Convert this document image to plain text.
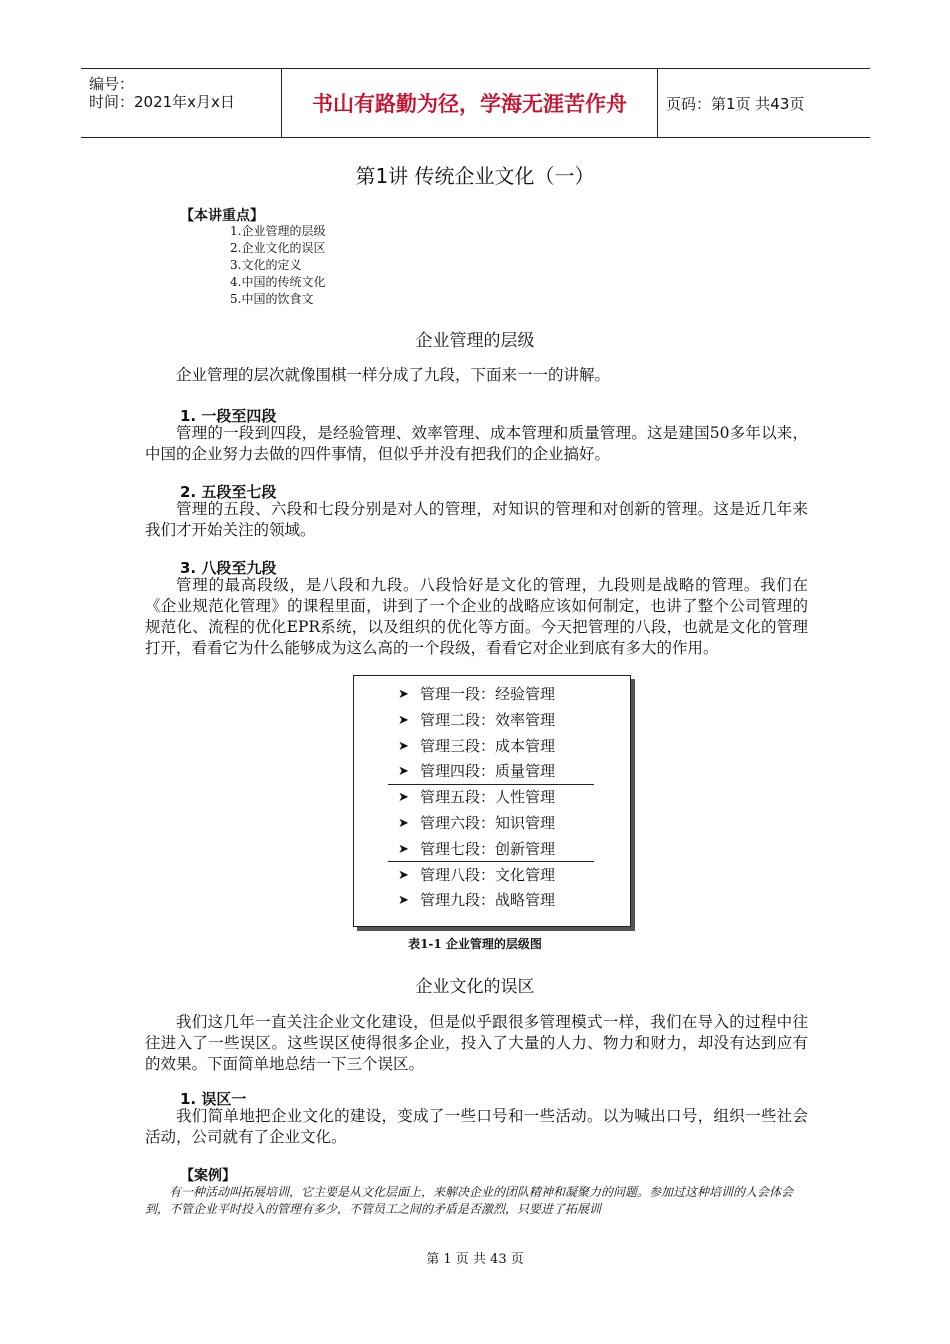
编号：
时间：2021年x月x日	书山有路勤为径，学海无涯苦作舟	页码：第1页 共43页
第1讲 传统企业文化（一）
【本讲重点】
1.企业管理的层级
2.企业文化的误区
3.文化的定义
4.中国的传统文化
5.中国的饮食文
企业管理的层级

企业管理的层次就像围棋一样分成了九段，下面来一一的讲解。

1. 一段至四段

管理的一段到四段，是经验管理、效率管理、成本管理和质量管理。这是建国50多年以来，中国的企业努力去做的四件事情，但似乎并没有把我们的企业搞好。

2. 五段至七段

管理的五段、六段和七段分别是对人的管理，对知识的管理和对创新的管理。这是近几年来我们才开始关注的领域。

3. 八段至九段

管理的最高段级，是八段和九段。八段恰好是文化的管理，九段则是战略的管理。我们在《企业规范化管理》的课程里面，讲到了一个企业的战略应该如何制定，也讲了整个公司管理的规范化、流程的优化EPR系统，以及组织的优化等方面。今天把管理的八段，也就是文化的管理打开，看看它为什么能够成为这么高的一个段级，看看它对企业到底有多大的作用。

➤ 管理一段：经验管理
➤ 管理二段：效率管理
➤ 管理三段：成本管理
➤ 管理四段：质量管理
➤ 管理五段：人性管理
➤ 管理六段：知识管理
➤ 管理七段：创新管理
➤ 管理八段：文化管理
➤ 管理九段：战略管理
表1-1 企业管理的层级图
企业文化的误区

我们这几年一直关注企业文化建设，但是似乎跟很多管理模式一样，我们在导入的过程中往往进入了一些误区。这些误区使得很多企业，投入了大量的人力、物力和财力，却没有达到应有的效果。下面简单地总结一下三个误区。

1. 误区一

我们简单地把企业文化的建设，变成了一些口号和一些活动。以为喊出口号，组织一些社会活动，公司就有了企业文化。

【案例】

有一种活动叫拓展培训，它主要是从文化层面上，来解决企业的团队精神和凝聚力的问题。参加过这种培训的人会体会到，不管企业平时投入的管理有多少，不管员工之间的矛盾是否激烈，只要进了拓展训

第 1 页 共 43 页
